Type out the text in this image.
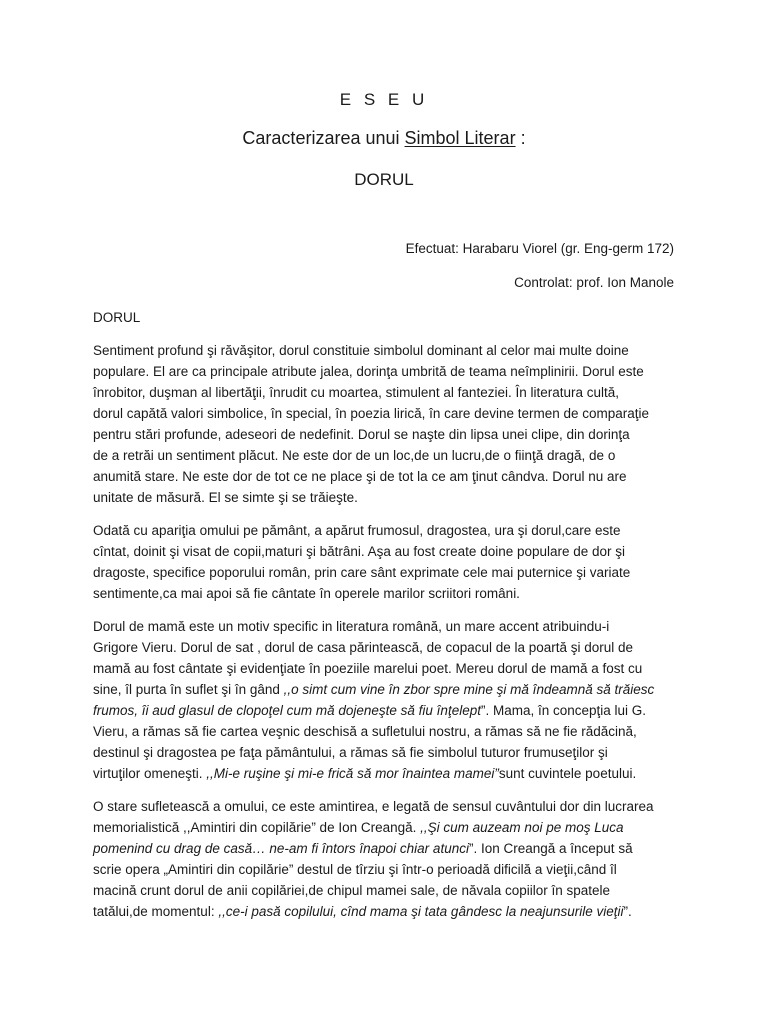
E S E U
Caracterizarea unui Simbol Literar :
DORUL
Efectuat: Harabaru Viorel (gr. Eng-germ 172)
Controlat: prof. Ion Manole

DORUL

Sentiment profund şi răvăşitor, dorul constituie simbolul dominant al celor mai multe doine
populare. El are ca principale atribute jalea, dorinţa umbrită de teama neîmplinirii. Dorul este
înrobitor, duşman al libertăţii, înrudit cu moartea, stimulent al fanteziei. În literatura cultă,
dorul capătă valori simbolice, în special, în poezia lirică, în care devine termen de comparaţie
pentru stări profunde, adeseori de nedefinit. Dorul se naşte din lipsa unei clipe, din dorinţa
de a retrăi un sentiment plăcut. Ne este dor de un loc,de un lucru,de o fiinţă dragă, de o
anumită stare. Ne este dor de tot ce ne place şi de tot la ce am ţinut cândva. Dorul nu are
unitate de măsură. El se simte şi se trăieşte.

Odată cu apariţia omului pe pământ, a apărut frumosul, dragostea, ura şi dorul,care este
cîntat, doinit şi visat de copii,maturi şi bătrâni. Aşa au fost create doine populare de dor şi
dragoste, specifice poporului român, prin care sânt exprimate cele mai puternice şi variate
sentimente,ca mai apoi să fie cântate în operele marilor scriitori români.

Dorul de mamă este un motiv specific in literatura română, un mare accent atribuindu-i
Grigore Vieru. Dorul de sat , dorul de casa părintească, de copacul de la poartă şi dorul de
mamă au fost cântate şi evidenţiate în poeziile marelui poet. Mereu dorul de mamă a fost cu
sine, îl purta în suflet şi în gând ,,o simt cum vine în zbor spre mine şi mă îndeamnă să trăiesc
frumos, îi aud glasul de clopoţel cum mă dojeneşte să fiu înţelept”. Mama, în concepţia lui G.
Vieru, a rămas să fie cartea veşnic deschisă a sufletului nostru, a rămas să ne fie rădăcină,
destinul şi dragostea pe faţa pământului, a rămas să fie simbolul tuturor frumuseţilor şi
virtuţilor omeneşti. ,,Mi-e ruşine şi mi-e frică să mor înaintea mamei”sunt cuvintele poetului.

O stare sufletească a omului, ce este amintirea, e legată de sensul cuvântului dor din lucrarea
memorialistică ,,Amintiri din copilărie” de Ion Creangă. ,,Şi cum auzeam noi pe moş Luca
pomenind cu drag de casă… ne-am fi întors înapoi chiar atunci”. Ion Creangă a început să
scrie opera „Amintiri din copilărie” destul de tîrziu şi într-o perioadă dificilă a vieţii,când îl
macină crunt dorul de anii copilăriei,de chipul mamei sale, de năvala copiilor în spatele
tatălui,de momentul: ,,ce-i pasă copilului, cînd mama şi tata gândesc la neajunsurile vieţii”.
